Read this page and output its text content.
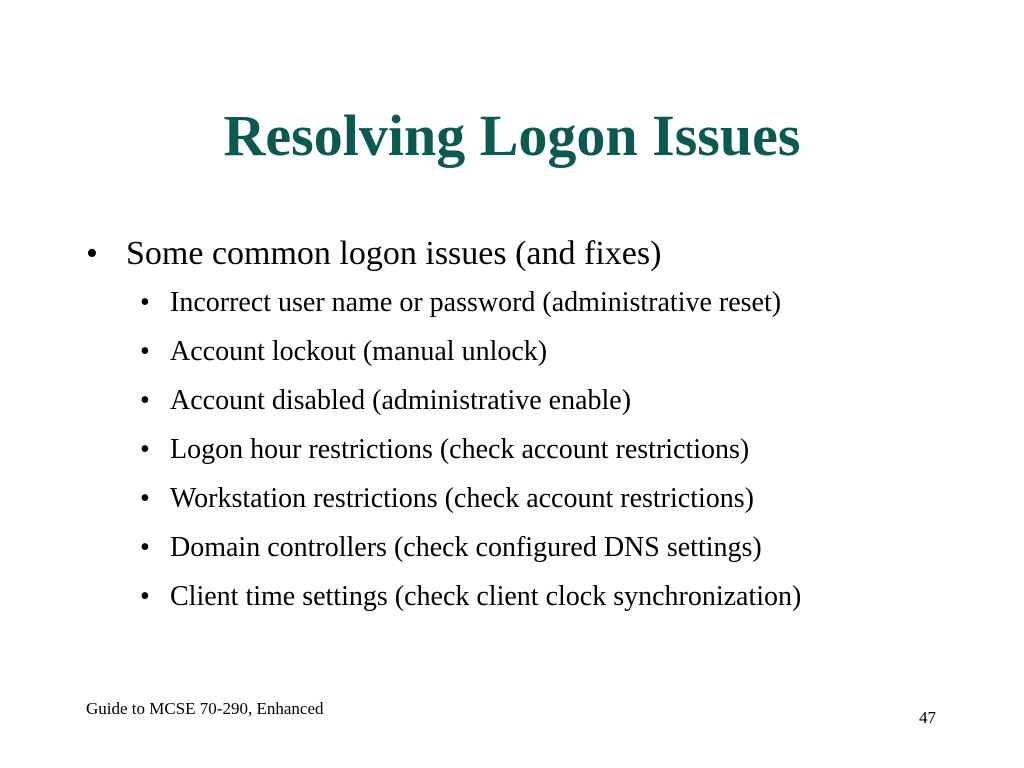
Resolving Logon Issues
• Some common logon issues (and fixes)
• Incorrect user name or password (administrative reset)
• Account lockout (manual unlock)
• Account disabled (administrative enable)
• Logon hour restrictions (check account restrictions)
• Workstation restrictions (check account restrictions)
• Domain controllers (check configured DNS settings)
• Client time settings (check client clock synchronization)
Guide to MCSE 70-290, Enhanced	47
